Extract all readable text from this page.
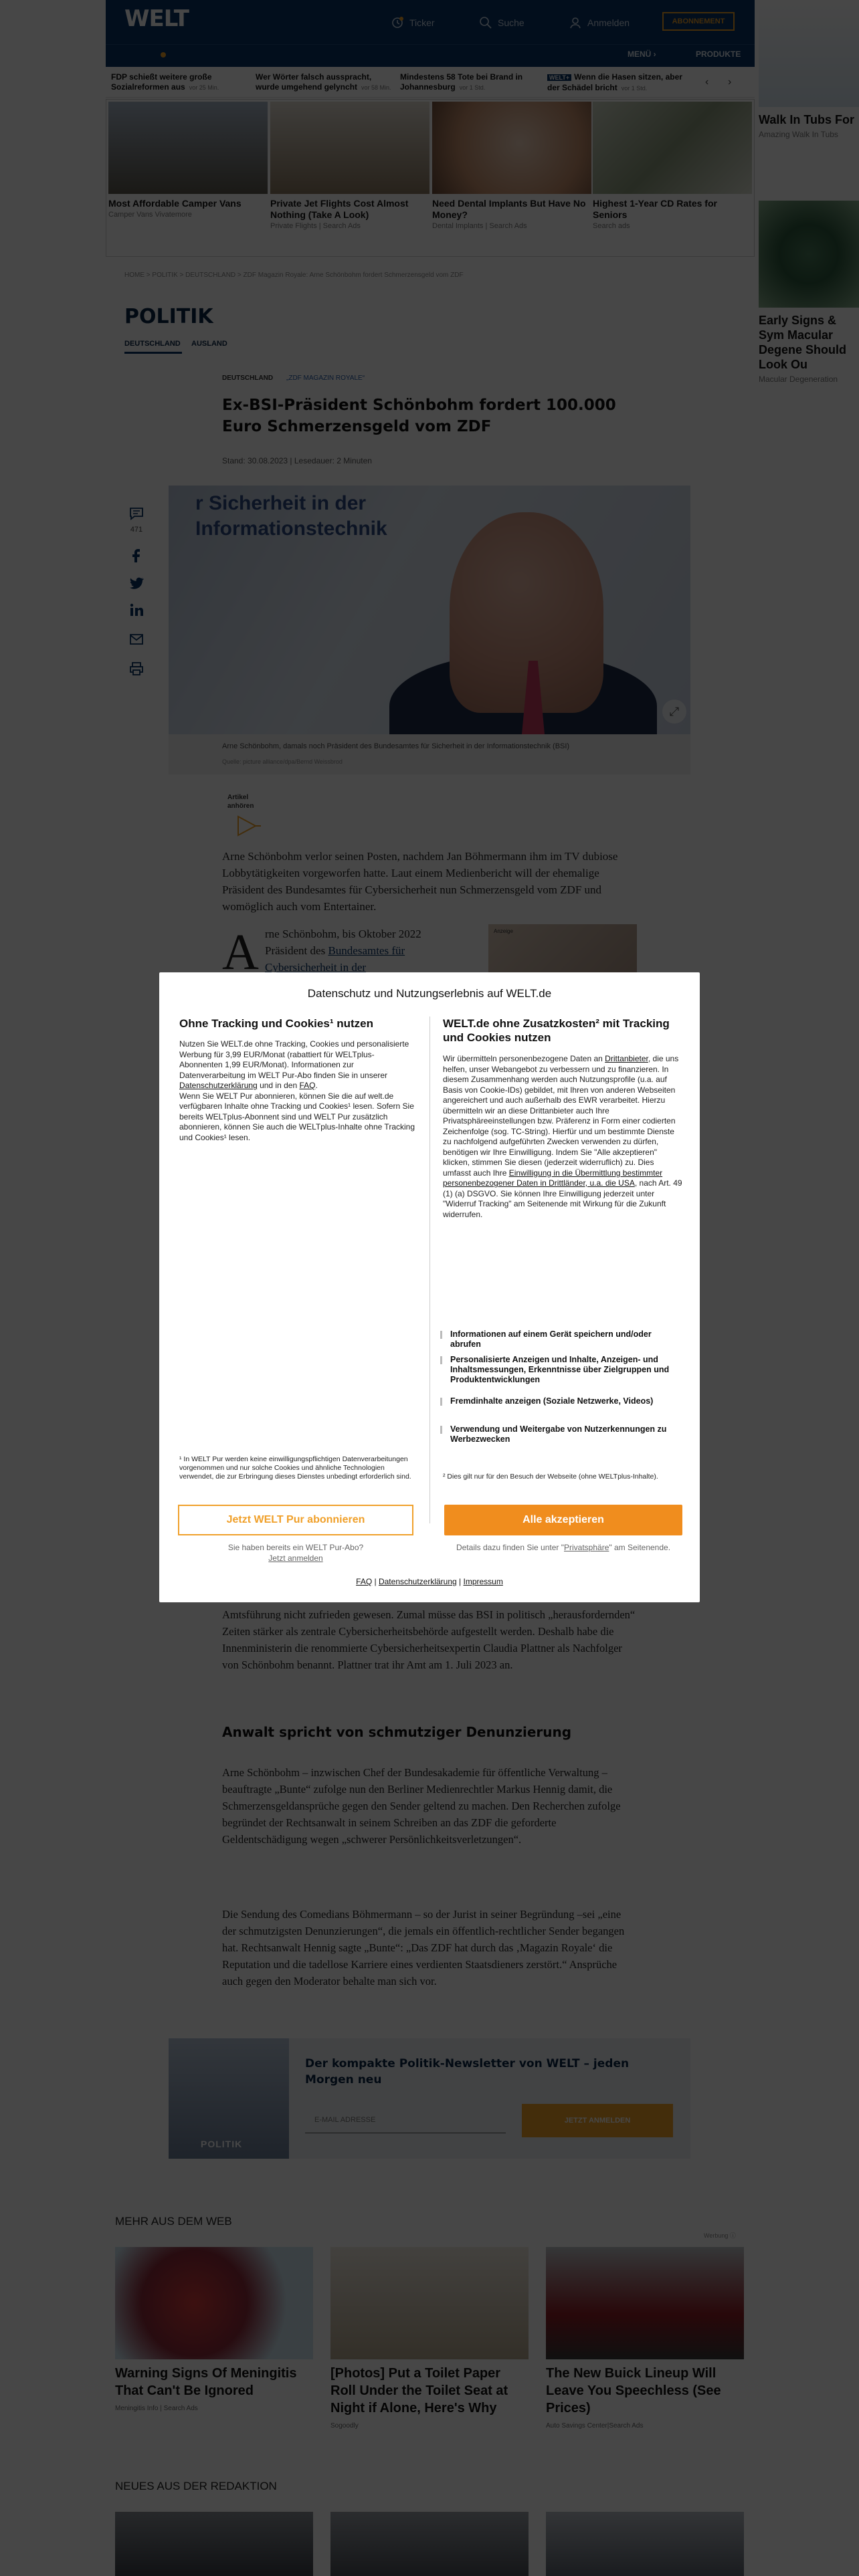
Datenschutz und Nutzungserlebnis auf WELT.de
Ohne Tracking und Cookies¹ nutzen
Nutzen Sie WELT.de ohne Tracking, Cookies und personalisierte Werbung für 3,99 EUR/Monat (rabattiert für WELTplus-Abonnenten 1,99 EUR/Monat). Informationen zur Datenverarbeitung im WELT Pur-Abo finden Sie in unserer Datenschutzerklärung und in den FAQ.
Wenn Sie WELT Pur abonnieren, können Sie die auf welt.de verfügbaren Inhalte ohne Tracking und Cookies¹ lesen. Sofern Sie bereits WELTplus-Abonnent sind und WELT Pur zusätzlich abonnieren, können Sie auch die WELTplus-Inhalte ohne Tracking und Cookies¹ lesen.
¹ In WELT Pur werden keine einwilligungspflichtigen Datenverarbeitungen vorgenommen und nur solche Cookies und ähnliche Technologien verwendet, die zur Erbringung dieses Dienstes unbedingt erforderlich sind.
Jetzt WELT Pur abonnieren
Sie haben bereits ein WELT Pur-Abo?
Jetzt anmelden
WELT.de ohne Zusatzkosten² mit Tracking und Cookies nutzen
Wir übermitteln personenbezogene Daten an Drittanbieter, die uns helfen, unser Webangebot zu verbessern und zu finanzieren. In diesem Zusammenhang werden auch Nutzungsprofile (u.a. auf Basis von Cookie-IDs) gebildet, mit Ihren von anderen Webseiten angereichert und auch außerhalb des EWR verarbeitet. Hierzu übermitteln wir an diese Drittanbieter auch Ihre Privatsphäreeinstellungen bzw. Präferenz in Form einer codierten Zeichenfolge (sog. TC-String). Hierfür und um bestimmte Dienste zu nachfolgend aufgeführten Zwecken verwenden zu dürfen, benötigen wir Ihre Einwilligung. Indem Sie "Alle akzeptieren" klicken, stimmen Sie diesen (jederzeit widerruflich) zu. Dies umfasst auch Ihre Einwilligung in die Übermittlung bestimmter personenbezogener Daten in Drittländer, u.a. die USA, nach Art. 49 (1) (a) DSGVO. Sie können Ihre Einwilligung jederzeit unter "Widerruf Tracking" am Seitenende mit Wirkung für die Zukunft widerrufen.
Informationen auf einem Gerät speichern und/oder abrufen
Personalisierte Anzeigen und Inhalte, Anzeigen- und Inhaltsmessungen, Erkenntnisse über Zielgruppen und Produktentwicklungen
Fremdinhalte anzeigen (Soziale Netzwerke, Videos)
Verwendung und Weitergabe von Nutzerkennungen zu Werbezwecken
² Dies gilt nur für den Besuch der Webseite (ohne WELTplus-Inhalte).
Alle akzeptieren
Details dazu finden Sie unter "Privatsphäre" am Seitenende.
FAQ | Datenschutzerklärung | Impressum
